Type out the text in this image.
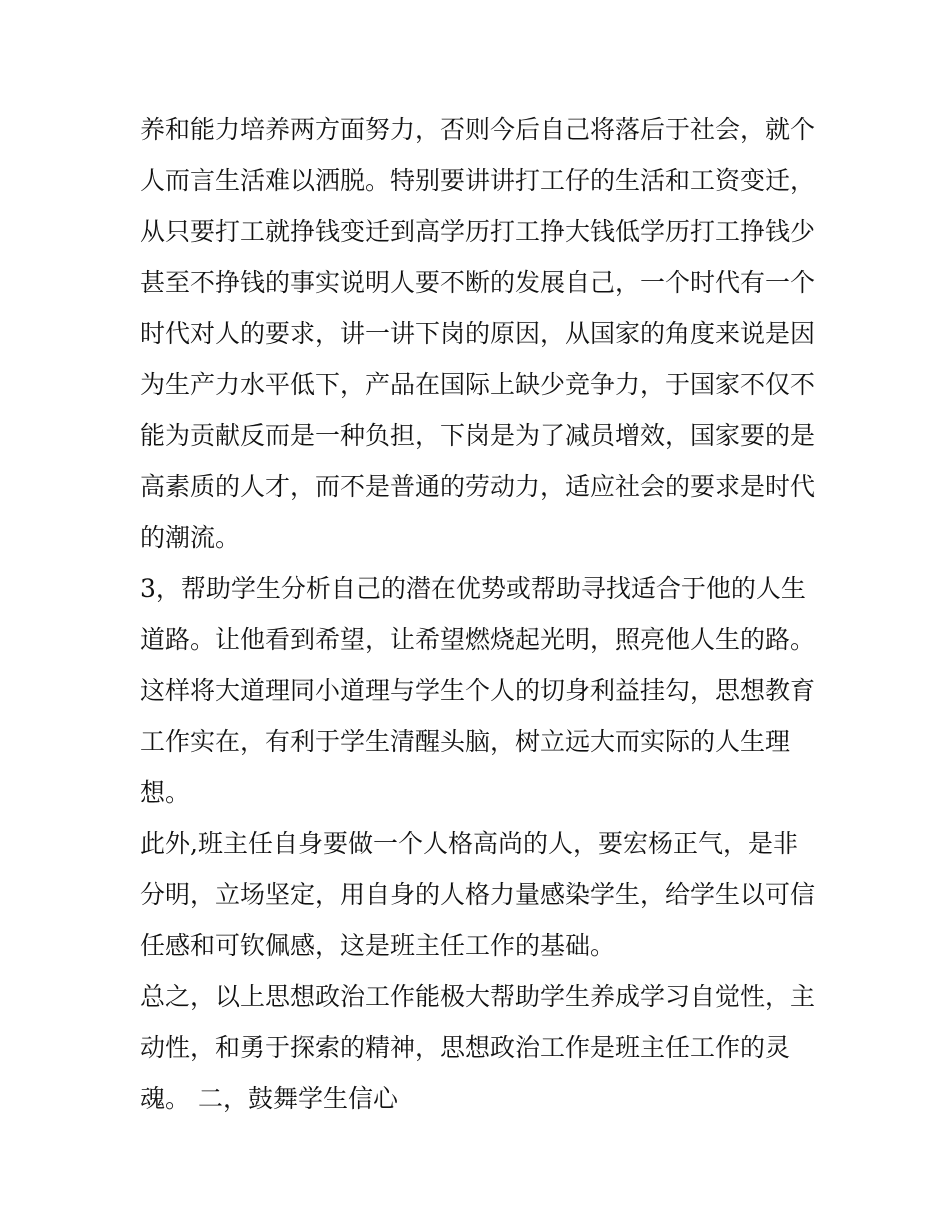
养和能力培养两方面努力，否则今后自己将落后于社会，就个
人而言生活难以洒脱。特别要讲讲打工仔的生活和工资变迁，
从只要打工就挣钱变迁到高学历打工挣大钱低学历打工挣钱少
甚至不挣钱的事实说明人要不断的发展自己，一个时代有一个
时代对人的要求，讲一讲下岗的原因，从国家的角度来说是因
为生产力水平低下，产品在国际上缺少竞争力，于国家不仅不
能为贡献反而是一种负担，下岗是为了减员增效，国家要的是
高素质的人才，而不是普通的劳动力，适应社会的要求是时代
的潮流。
3，帮助学生分析自己的潜在优势或帮助寻找适合于他的人生
道路。让他看到希望，让希望燃烧起光明，照亮他人生的路。
这样将大道理同小道理与学生个人的切身利益挂勾，思想教育
工作实在，有利于学生清醒头脑，树立远大而实际的人生理
想。
此外,班主任自身要做一个人格高尚的人，要宏杨正气，是非
分明，立场坚定，用自身的人格力量感染学生，给学生以可信
任感和可钦佩感，这是班主任工作的基础。
总之，以上思想政治工作能极大帮助学生养成学习自觉性，主
动性，和勇于探索的精神，思想政治工作是班主任工作的灵
魂。 二，鼓舞学生信心
